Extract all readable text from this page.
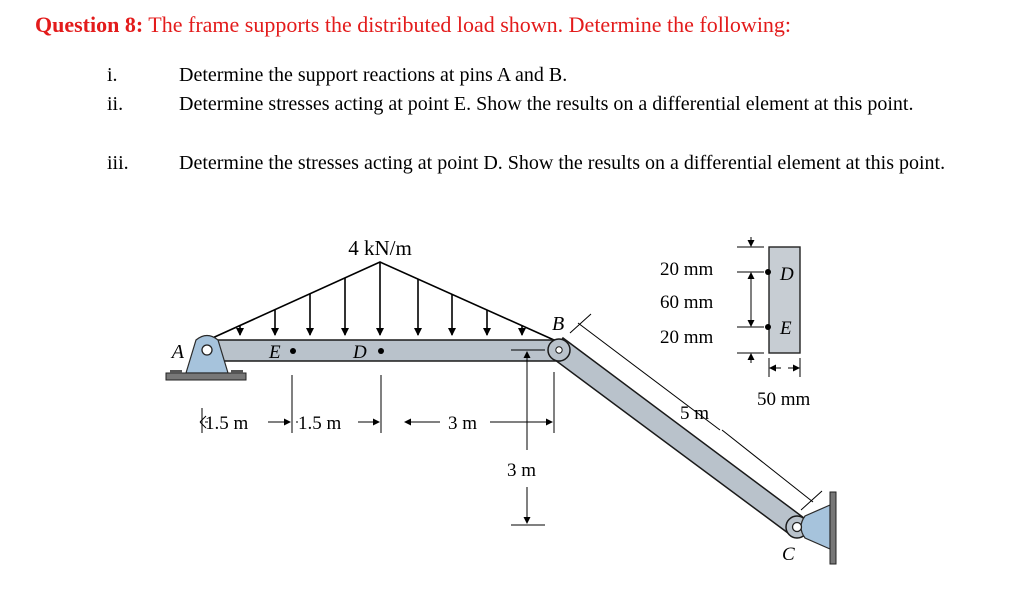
Question 8: The frame supports the distributed load shown. Determine the following:
i.	Determine the support reactions at pins A and B.
ii.	Determine stresses acting at point E. Show the results on a differential element at this point.
iii.	Determine the stresses acting at point D. Show the results on a differential element at this point.
4 kN/m
A	E	D
B
C
1.5 m	1.5 m	3 m
3 m
5 m
D
E
20 mm
60 mm
20 mm
50 mm
